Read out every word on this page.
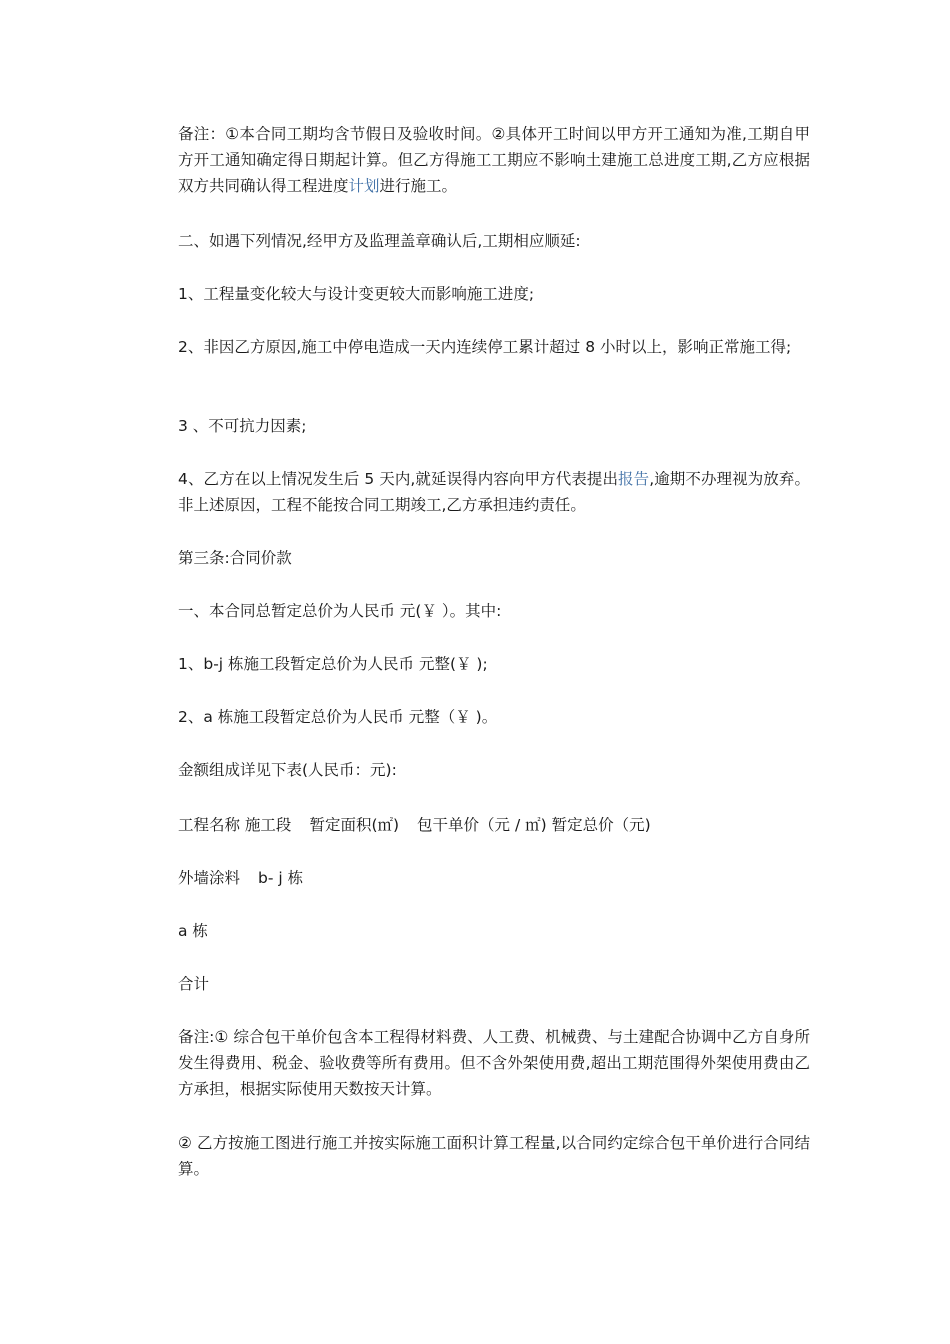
备注：①本合同工期均含节假日及验收时间。②具体开工时间以甲方开工通知为准,工期自甲方开工通知确定得日期起计算。但乙方得施工工期应不影响土建施工总进度工期,乙方应根据双方共同确认得工程进度计划进行施工。

二、如遇下列情况,经甲方及监理盖章确认后,工期相应顺延:

1、工程量变化较大与设计变更较大而影响施工进度;

2、非因乙方原因,施工中停电造成一天内连续停工累计超过 8 小时以上，影响正常施工得;

3 、不可抗力因素;

4、乙方在以上情况发生后 5 天内,就延误得内容向甲方代表提出报告,逾期不办理视为放弃。非上述原因，工程不能按合同工期竣工,乙方承担违约责任。

第三条:合同价款

一、本合同总暂定总价为人民币 元(￥ ）。其中:

1、b-j 栋施工段暂定总价为人民币 元整(￥ );

2、a 栋施工段暂定总价为人民币 元整（￥ )。

金额组成详见下表(人民币：元):

工程名称 施工段 暂定面积(㎡) 包干单价（元 / ㎡) 暂定总价（元)

外墙涂料 b- j 栋

a 栋

合计

备注:① 综合包干单价包含本工程得材料费、人工费、机械费、与土建配合协调中乙方自身所发生得费用、税金、验收费等所有费用。但不含外架使用费,超出工期范围得外架使用费由乙方承担，根据实际使用天数按天计算。

② 乙方按施工图进行施工并按实际施工面积计算工程量,以合同约定综合包干单价进行合同结算。
